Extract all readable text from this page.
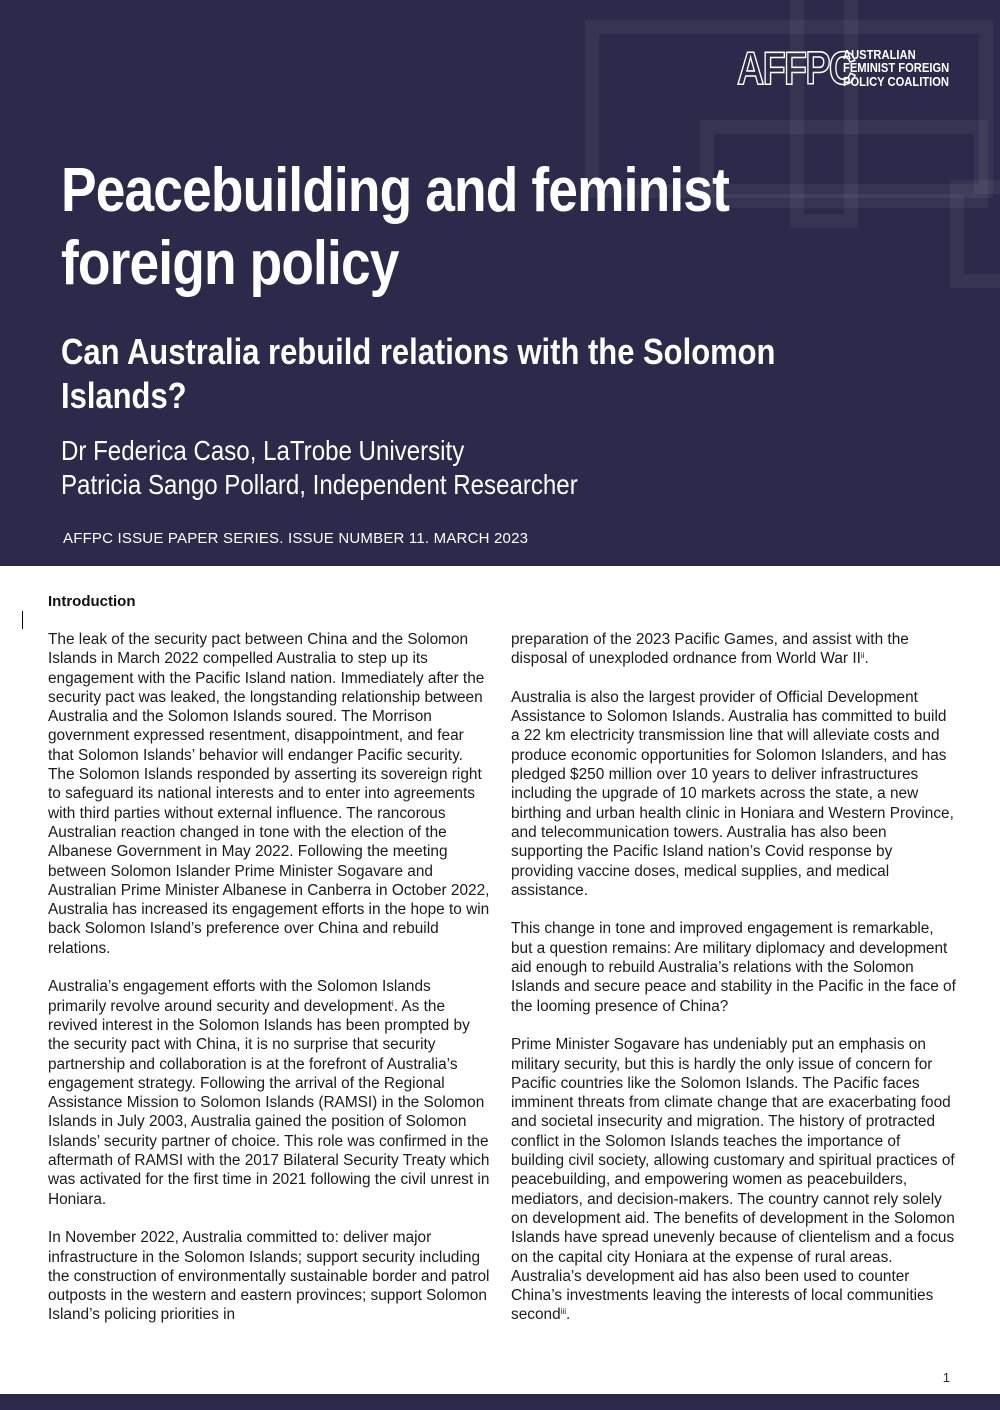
AFFPC
AUSTRALIAN
FEMINIST FOREIGN
POLICY COALITION
Peacebuilding and feminist
foreign policy
Can Australia rebuild relations with the Solomon
Islands?
Dr Federica Caso, LaTrobe University
Patricia Sango Pollard, Independent Researcher
AFFPC ISSUE PAPER SERIES. ISSUE NUMBER 11. MARCH 2023
Introduction

The leak of the security pact between China and the Solomon Islands in March 2022 compelled Australia to step up its engagement with the Pacific Island nation. Immediately after the security pact was leaked, the longstanding relationship between Australia and the Solomon Islands soured. The Morrison government expressed resentment, disappointment, and fear that Solomon Islands’ behavior will endanger Pacific security. The Solomon Islands responded by asserting its sovereign right to safeguard its national interests and to enter into agreements with third parties without external influence. The rancorous Australian reaction changed in tone with the election of the Albanese Government in May 2022. Following the meeting between Solomon Islander Prime Minister Sogavare and Australian Prime Minister Albanese in Canberra in October 2022, Australia has increased its engagement efforts in the hope to win back Solomon Island’s preference over China and rebuild relations.

Australia’s engagement efforts with the Solomon Islands primarily revolve around security and development$^i$. As the revived interest in the Solomon Islands has been prompted by the security pact with China, it is no surprise that security partnership and collaboration is at the forefront of Australia’s engagement strategy. Following the arrival of the Regional Assistance Mission to Solomon Islands (RAMSI) in the Solomon Islands in July 2003, Australia gained the position of Solomon Islands’ security partner of choice. This role was confirmed in the aftermath of RAMSI with the 2017 Bilateral Security Treaty which was activated for the first time in 2021 following the civil unrest in Honiara.

In November 2022, Australia committed to: deliver major infrastructure in the Solomon Islands; support security including the construction of environmentally sustainable border and patrol outposts in the western and eastern provinces; support Solomon Island’s policing priorities in

preparation of the 2023 Pacific Games, and assist with the disposal of unexploded ordnance from World War II$^{ii}$.

Australia is also the largest provider of Official Development Assistance to Solomon Islands. Australia has committed to build a 22 km electricity transmission line that will alleviate costs and produce economic opportunities for Solomon Islanders, and has pledged $250 million over 10 years to deliver infrastructures including the upgrade of 10 markets across the state, a new birthing and urban health clinic in Honiara and Western Province, and telecommunication towers. Australia has also been supporting the Pacific Island nation’s Covid response by providing vaccine doses, medical supplies, and medical assistance.

This change in tone and improved engagement is remarkable, but a question remains: Are military diplomacy and development aid enough to rebuild Australia’s relations with the Solomon Islands and secure peace and stability in the Pacific in the face of the looming presence of China?

Prime Minister Sogavare has undeniably put an emphasis on military security, but this is hardly the only issue of concern for Pacific countries like the Solomon Islands. The Pacific faces imminent threats from climate change that are exacerbating food and societal insecurity and migration. The history of protracted conflict in the Solomon Islands teaches the importance of building civil society, allowing customary and spiritual practices of peacebuilding, and empowering women as peacebuilders, mediators, and decision-makers. The country cannot rely solely on development aid. The benefits of development in the Solomon Islands have spread unevenly because of clientelism and a focus on the capital city Honiara at the expense of rural areas. Australia’s development aid has also been used to counter China’s investments leaving the interests of local communities second$^{iii}$.

1
